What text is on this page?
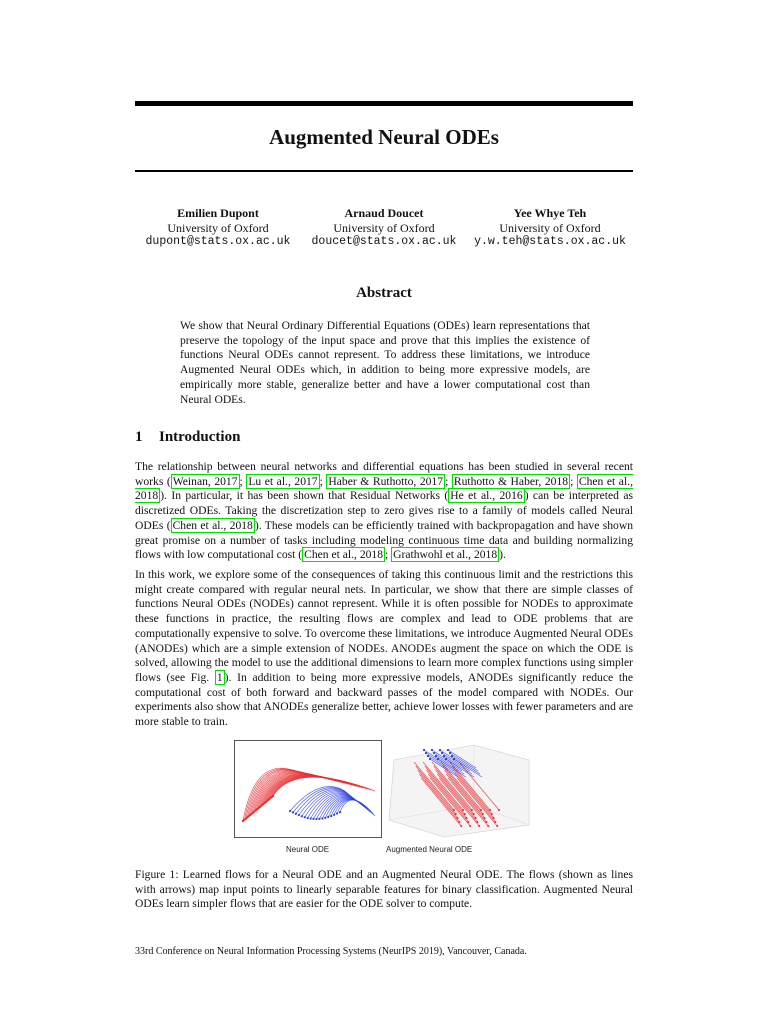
Augmented Neural ODEs
Emilien Dupont
University of Oxford
dupont@stats.ox.ac.uk
Arnaud Doucet
University of Oxford
doucet@stats.ox.ac.uk
Yee Whye Teh
University of Oxford
y.w.teh@stats.ox.ac.uk
Abstract
We show that Neural Ordinary Differential Equations (ODEs) learn representations that preserve the topology of the input space and prove that this implies the existence of functions Neural ODEs cannot represent. To address these limitations, we introduce Augmented Neural ODEs which, in addition to being more expressive models, are empirically more stable, generalize better and have a lower computational cost than Neural ODEs.
1 Introduction

The relationship between neural networks and differential equations has been studied in several recent works ( Weinan, 2017 ; Lu et al., 2017 ; Haber & Ruthotto, 2017 ; Ruthotto & Haber, 2018 ; Chen et al., 2018 ). In particular, it has been shown that Residual Networks ( He et al., 2016 ) can be interpreted as discretized ODEs. Taking the discretization step to zero gives rise to a family of models called Neural ODEs ( Chen et al., 2018 ). These models can be efficiently trained with backpropagation and have shown great promise on a number of tasks including modeling continuous time data and building normalizing flows with low computational cost ( Chen et al., 2018 ; Grathwohl et al., 2018 ).

In this work, we explore some of the consequences of taking this continuous limit and the restrictions this might create compared with regular neural nets. In particular, we show that there are simple classes of functions Neural ODEs (NODEs) cannot represent. While it is often possible for NODEs to approximate these functions in practice, the resulting flows are complex and lead to ODE problems that are computationally expensive to solve. To overcome these limitations, we introduce Augmented Neural ODEs (ANODEs) which are a simple extension of NODEs. ANODEs augment the space on which the ODE is solved, allowing the model to use the additional dimensions to learn more complex functions using simpler flows (see Fig. 1 ). In addition to being more expressive models, ANODEs significantly reduce the computational cost of both forward and backward passes of the model compared with NODEs. Our experiments also show that ANODEs generalize better, achieve lower losses with fewer parameters and are more stable to train.

Neural ODE	Augmented Neural ODE

Figure 1: Learned flows for a Neural ODE and an Augmented Neural ODE. The flows (shown as lines with arrows) map input points to linearly separable features for binary classification. Augmented Neural ODEs learn simpler flows that are easier for the ODE solver to compute.

33rd Conference on Neural Information Processing Systems (NeurIPS 2019), Vancouver, Canada.
